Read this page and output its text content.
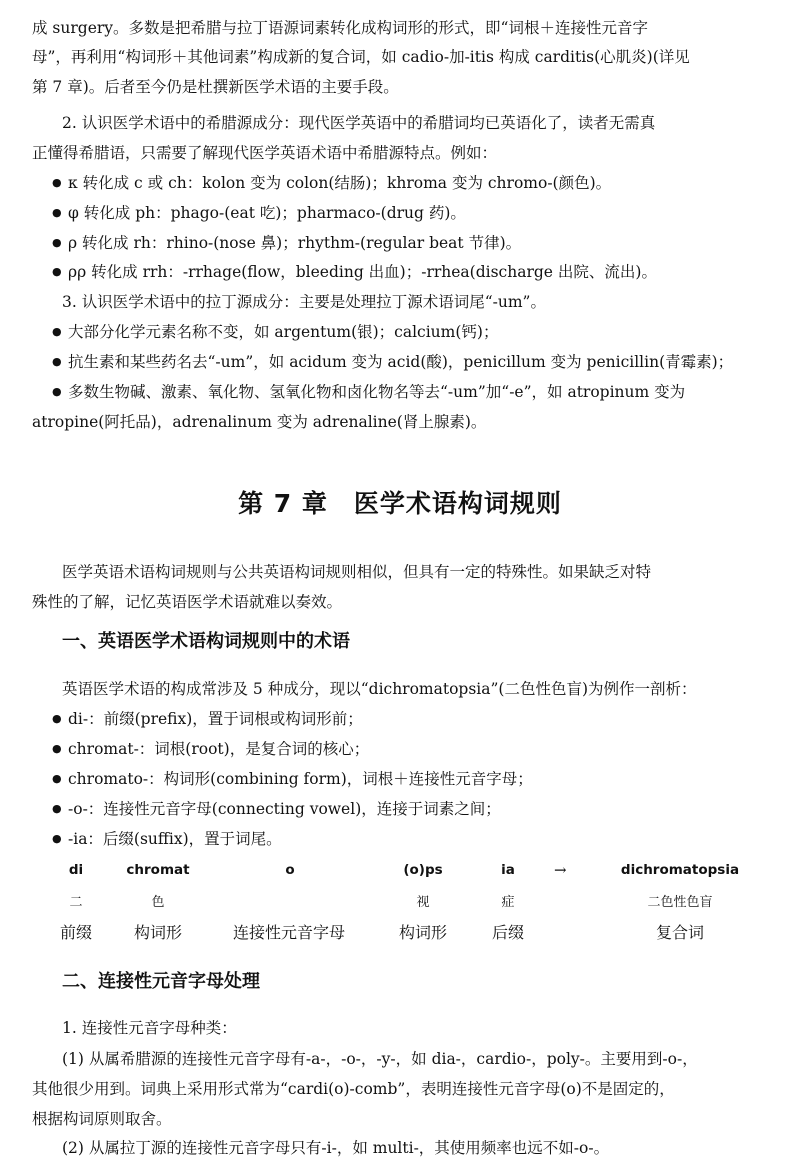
成 surgery。多数是把希腊与拉丁语源词素转化成构词形的形式，即“词根＋连接性元音字

母”，再利用“构词形＋其他词素”构成新的复合词，如 cadio-加-itis 构成 carditis(心肌炎)(详见

第 7 章)。后者至今仍是杜撰新医学术语的主要手段。

2. 认识医学术语中的希腊源成分：现代医学英语中的希腊词均已英语化了，读者无需真

正懂得希腊语，只需要了解现代医学英语术语中希腊源特点。例如：

● κ 转化成 c 或 ch：kolon 变为 colon(结肠)；khroma 变为 chromo-(颜色)。

● φ 转化成 ph：phago-(eat 吃)；pharmaco-(drug 药)。

● ρ 转化成 rh：rhino-(nose 鼻)；rhythm-(regular beat 节律)。

● ρρ 转化成 rrh：-rrhage(flow，bleeding 出血)；-rrhea(discharge 出院、流出)。

3. 认识医学术语中的拉丁源成分：主要是处理拉丁源术语词尾“-um”。

● 大部分化学元素名称不变，如 argentum(银)；calcium(钙)；

● 抗生素和某些药名去“-um”，如 acidum 变为 acid(酸)，penicillum 变为 penicillin(青霉素)；

● 多数生物碱、激素、氧化物、氢氧化物和卤化物名等去“-um”加“-e”，如 atropinum 变为

atropine(阿托品)，adrenalinum 变为 adrenaline(肾上腺素)。

第 7 章　医学术语构词规则

医学英语术语构词规则与公共英语构词规则相似，但具有一定的特殊性。如果缺乏对特

殊性的了解，记忆英语医学术语就难以奏效。

一、英语医学术语构词规则中的术语

英语医学术语的构成常涉及 5 种成分，现以“dichromatopsia”(二色性色盲)为例作一剖析：

● di-：前缀(prefix)，置于词根或构词形前；

● chromat-：词根(root)，是复合词的核心；

● chromato-：构词形(combining form)，词根＋连接性元音字母；

● -o-：连接性元音字母(connecting vowel)，连接于词素之间；

● -ia：后缀(suffix)，置于词尾。

di
二
前缀
chromat
色
构词形
o
连接性元音字母
(o)ps
视
构词形
ia
症
后缀
→	dichromatopsia
二色性色盲
复合词
二、连接性元音字母处理

1. 连接性元音字母种类：

(1) 从属希腊源的连接性元音字母有-a-，-o-，-y-，如 dia-，cardio-，poly-。主要用到-o-，

其他很少用到。词典上采用形式常为“cardi(o)-comb”，表明连接性元音字母(o)不是固定的，

根据构词原则取舍。

(2) 从属拉丁源的连接性元音字母只有-i-，如 multi-，其使用频率也远不如-o-。
